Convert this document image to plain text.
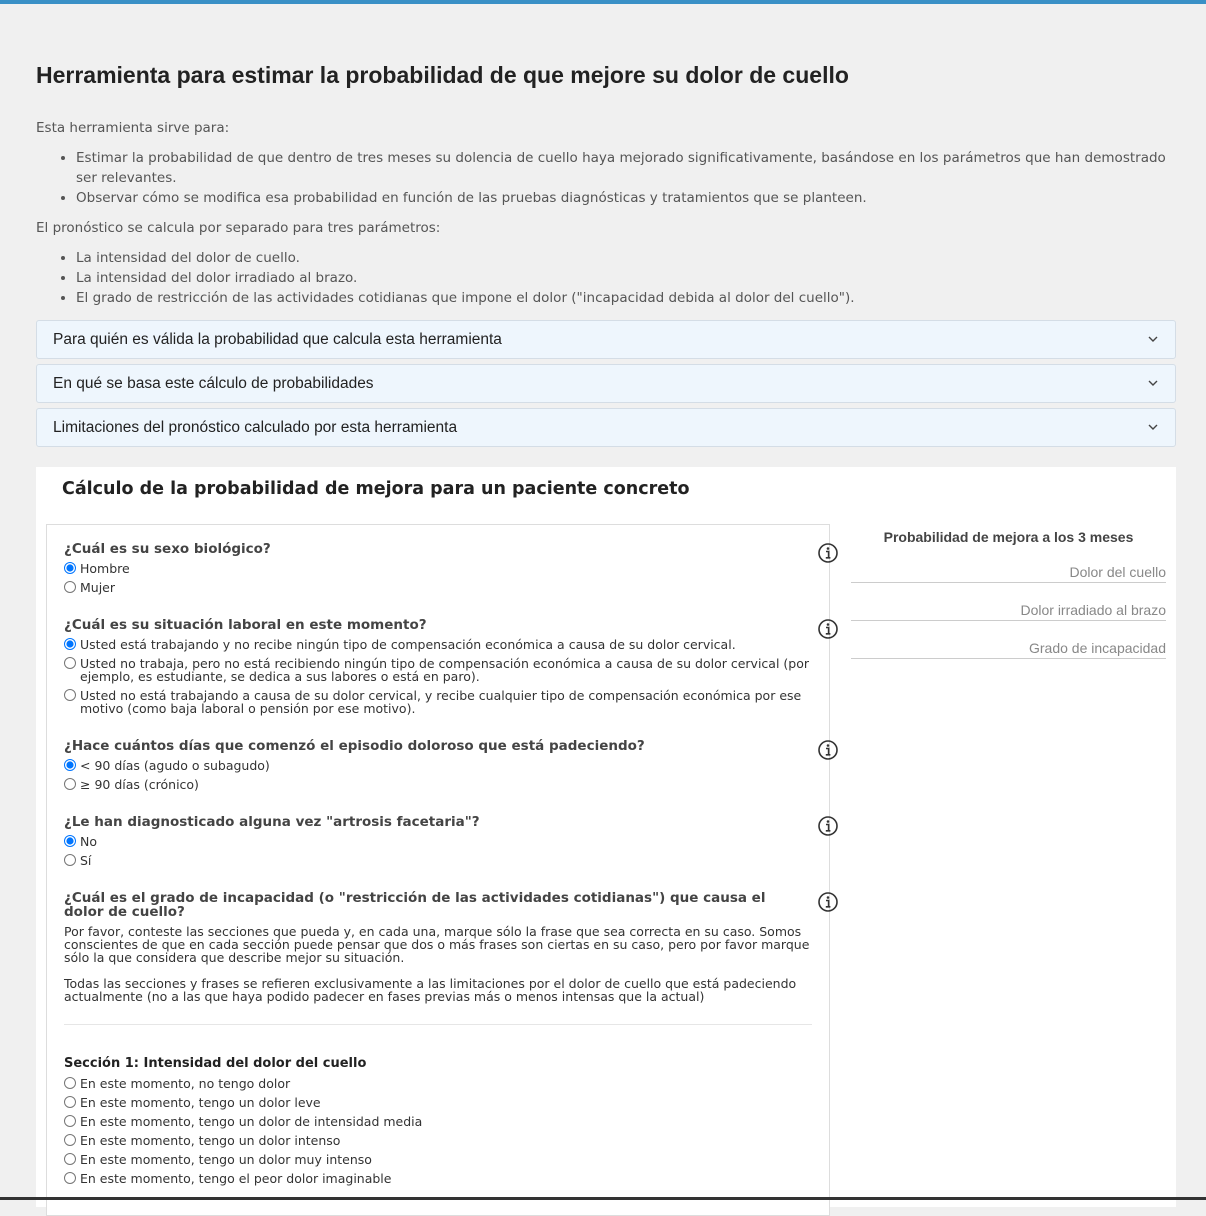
Herramienta para estimar la probabilidad de que mejore su dolor de cuello

Esta herramienta sirve para:

• Estimar la probabilidad de que dentro de tres meses su dolencia de cuello haya mejorado significativamente, basándose en los parámetros que han demostrado ser relevantes.
• Observar cómo se modifica esa probabilidad en función de las pruebas diagnósticas y tratamientos que se planteen.

El pronóstico se calcula por separado para tres parámetros:

• La intensidad del dolor de cuello.
• La intensidad del dolor irradiado al brazo.
• El grado de restricción de las actividades cotidianas que impone el dolor ("incapacidad debida al dolor del cuello").
Para quién es válida la probabilidad que calcula esta herramienta
En qué se basa este cálculo de probabilidades
Limitaciones del pronóstico calculado por esta herramienta
Cálculo de la probabilidad de mejora para un paciente concreto

¿Cuál es su sexo biológico?

Hombre
Mujer

¿Cuál es su situación laboral en este momento?

Usted está trabajando y no recibe ningún tipo de compensación económica a causa de su dolor cervical.
Usted no trabaja, pero no está recibiendo ningún tipo de compensación económica a causa de su dolor cervical (por ejemplo, es estudiante, se dedica a sus labores o está en paro).
Usted no está trabajando a causa de su dolor cervical, y recibe cualquier tipo de compensación económica por ese motivo (como baja laboral o pensión por ese motivo).

¿Hace cuántos días que comenzó el episodio doloroso que está padeciendo?

< 90 días (agudo o subagudo)
≥ 90 días (crónico)

¿Le han diagnosticado alguna vez "artrosis facetaria"?

No
Sí

¿Cuál es el grado de incapacidad (o "restricción de las actividades cotidianas") que causa el dolor de cuello?

Por favor, conteste las secciones que pueda y, en cada una, marque sólo la frase que sea correcta en su caso. Somos conscientes de que en cada sección puede pensar que dos o más frases son ciertas en su caso, pero por favor marque sólo la que considera que describe mejor su situación.

Todas las secciones y frases se refieren exclusivamente a las limitaciones por el dolor de cuello que está padeciendo actualmente (no a las que haya podido padecer en fases previas más o menos intensas que la actual)

Sección 1: Intensidad del dolor del cuello

En este momento, no tengo dolor
En este momento, tengo un dolor leve
En este momento, tengo un dolor de intensidad media
En este momento, tengo un dolor intenso
En este momento, tengo un dolor muy intenso
En este momento, tengo el peor dolor imaginable

Probabilidad de mejora a los 3 meses

Dolor del cuello
Dolor irradiado al brazo
Grado de incapacidad
